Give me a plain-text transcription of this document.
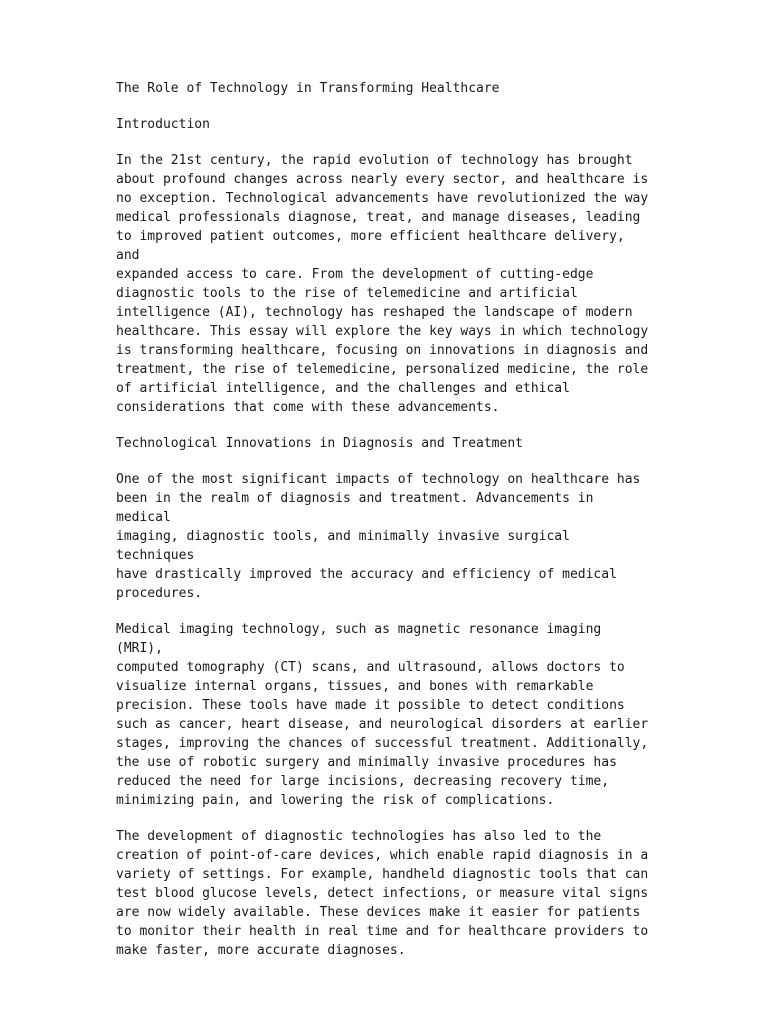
The Role of Technology in Transforming Healthcare
Introduction

In the 21st century, the rapid evolution of technology has brought
about profound changes across nearly every sector, and healthcare is
no exception. Technological advancements have revolutionized the way
medical professionals diagnose, treat, and manage diseases, leading
to improved patient outcomes, more efficient healthcare delivery, and
expanded access to care. From the development of cutting-edge
diagnostic tools to the rise of telemedicine and artificial
intelligence (AI), technology has reshaped the landscape of modern
healthcare. This essay will explore the key ways in which technology
is transforming healthcare, focusing on innovations in diagnosis and
treatment, the rise of telemedicine, personalized medicine, the role
of artificial intelligence, and the challenges and ethical
considerations that come with these advancements.

Technological Innovations in Diagnosis and Treatment

One of the most significant impacts of technology on healthcare has
been in the realm of diagnosis and treatment. Advancements in medical
imaging, diagnostic tools, and minimally invasive surgical techniques
have drastically improved the accuracy and efficiency of medical
procedures.

Medical imaging technology, such as magnetic resonance imaging (MRI),
computed tomography (CT) scans, and ultrasound, allows doctors to
visualize internal organs, tissues, and bones with remarkable
precision. These tools have made it possible to detect conditions
such as cancer, heart disease, and neurological disorders at earlier
stages, improving the chances of successful treatment. Additionally,
the use of robotic surgery and minimally invasive procedures has
reduced the need for large incisions, decreasing recovery time,
minimizing pain, and lowering the risk of complications.

The development of diagnostic technologies has also led to the
creation of point-of-care devices, which enable rapid diagnosis in a
variety of settings. For example, handheld diagnostic tools that can
test blood glucose levels, detect infections, or measure vital signs
are now widely available. These devices make it easier for patients
to monitor their health in real time and for healthcare providers to
make faster, more accurate diagnoses.
